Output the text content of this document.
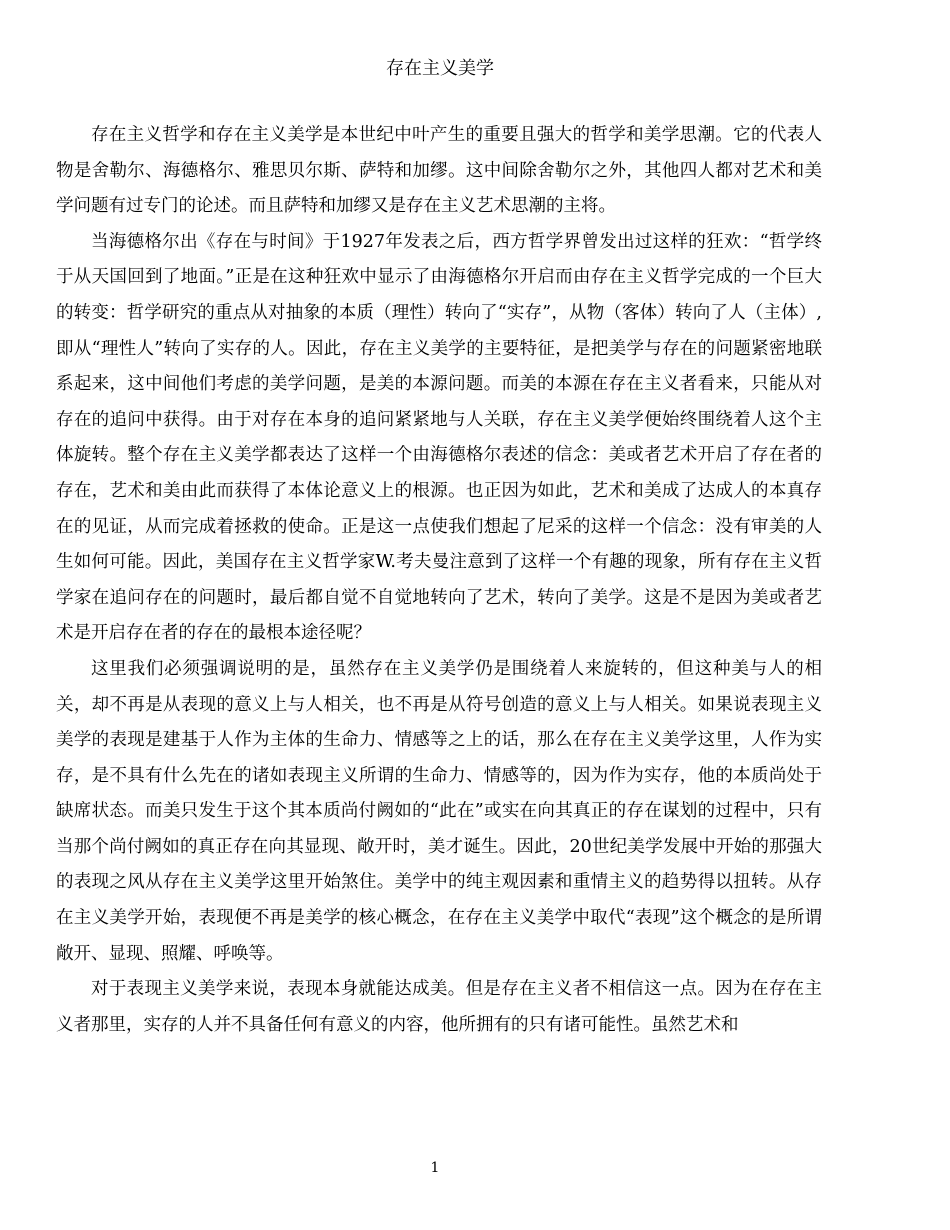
存在主义美学

存在主义哲学和存在主义美学是本世纪中叶产生的重要且强大的哲学和美学思潮。它的代表人物是舍勒尔、海德格尔、雅思贝尔斯、萨特和加缪。这中间除舍勒尔之外，其他四人都对艺术和美学问题有过专门的论述。而且萨特和加缪又是存在主义艺术思潮的主将。

当海德格尔出《存在与时间》于1927年发表之后，西方哲学界曾发出过这样的狂欢：“哲学终于从天国回到了地面。”正是在这种狂欢中显示了由海德格尔开启而由存在主义哲学完成的一个巨大的转变：哲学研究的重点从对抽象的本质（理性）转向了“实存”，从物（客体）转向了人（主体）,即从“理性人”转向了实存的人。因此，存在主义美学的主要特征，是把美学与存在的问题紧密地联系起来，这中间他们考虑的美学问题，是美的本源问题。而美的本源在存在主义者看来，只能从对存在的追问中获得。由于对存在本身的追问紧紧地与人关联，存在主义美学便始终围绕着人这个主体旋转。整个存在主义美学都表达了这样一个由海德格尔表述的信念：美或者艺术开启了存在者的存在，艺术和美由此而获得了本体论意义上的根源。也正因为如此，艺术和美成了达成人的本真存在的见证，从而完成着拯救的使命。正是这一点使我们想起了尼采的这样一个信念：没有审美的人生如何可能。因此，美国存在主义哲学家W.考夫曼注意到了这样一个有趣的现象，所有存在主义哲学家在追问存在的问题时，最后都自觉不自觉地转向了艺术，转向了美学。这是不是因为美或者艺术是开启存在者的存在的最根本途径呢？

这里我们必须强调说明的是，虽然存在主义美学仍是围绕着人来旋转的，但这种美与人的相关，却不再是从表现的意义上与人相关，也不再是从符号创造的意义上与人相关。如果说表现主义美学的表现是建基于人作为主体的生命力、情感等之上的话，那么在存在主义美学这里，人作为实存，是不具有什么先在的诸如表现主义所谓的生命力、情感等的，因为作为实存，他的本质尚处于缺席状态。而美只发生于这个其本质尚付阙如的“此在”或实在向其真正的存在谋划的过程中，只有当那个尚付阙如的真正存在向其显现、敞开时，美才诞生。因此，20世纪美学发展中开始的那强大的表现之风从存在主义美学这里开始煞住。美学中的纯主观因素和重情主义的趋势得以扭转。从存在主义美学开始，表现便不再是美学的核心概念，在存在主义美学中取代“表现”这个概念的是所谓敞开、显现、照耀、呼唤等。

对于表现主义美学来说，表现本身就能达成美。但是存在主义者不相信这一点。因为在存在主义者那里，实存的人并不具备任何有意义的内容，他所拥有的只有诸可能性。虽然艺术和

1
